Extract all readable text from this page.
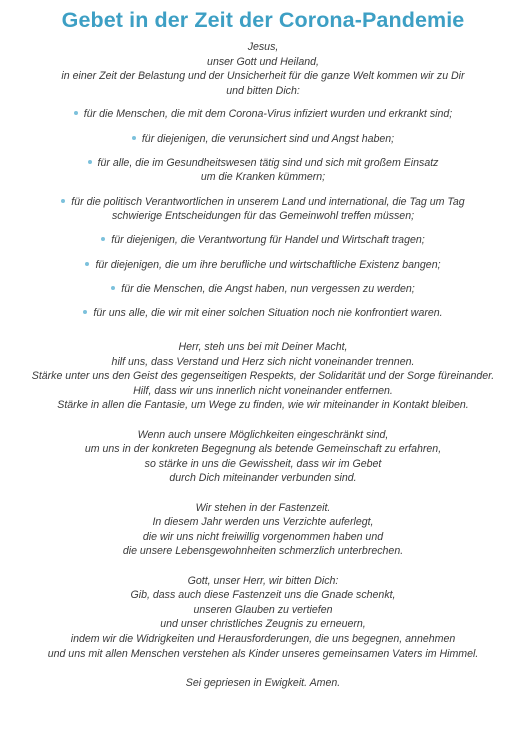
Gebet in der Zeit der Corona-Pandemie
Jesus,
unser Gott und Heiland,
in einer Zeit der Belastung und der Unsicherheit für die ganze Welt kommen wir zu Dir
und bitten Dich:
für die Menschen, die mit dem Corona-Virus infiziert wurden und erkrankt sind;
für diejenigen, die verunsichert sind und Angst haben;
für alle, die im Gesundheitswesen tätig sind und sich mit großem Einsatz
um die Kranken kümmern;
für die politisch Verantwortlichen in unserem Land und international, die Tag um Tag
schwierige Entscheidungen für das Gemeinwohl treffen müssen;
für diejenigen, die Verantwortung für Handel und Wirtschaft tragen;
für diejenigen, die um ihre berufliche und wirtschaftliche Existenz bangen;
für die Menschen, die Angst haben, nun vergessen zu werden;
für uns alle, die wir mit einer solchen Situation noch nie konfrontiert waren.
Herr, steh uns bei mit Deiner Macht,
hilf uns, dass Verstand und Herz sich nicht voneinander trennen.
Stärke unter uns den Geist des gegenseitigen Respekts, der Solidarität und der Sorge füreinander.
Hilf, dass wir uns innerlich nicht voneinander entfernen.
Stärke in allen die Fantasie, um Wege zu finden, wie wir miteinander in Kontakt bleiben.
Wenn auch unsere Möglichkeiten eingeschränkt sind,
um uns in der konkreten Begegnung als betende Gemeinschaft zu erfahren,
so stärke in uns die Gewissheit, dass wir im Gebet
durch Dich miteinander verbunden sind.
Wir stehen in der Fastenzeit.
In diesem Jahr werden uns Verzichte auferlegt,
die wir uns nicht freiwillig vorgenommen haben und
die unsere Lebensgewohnheiten schmerzlich unterbrechen.
Gott, unser Herr, wir bitten Dich:
Gib, dass auch diese Fastenzeit uns die Gnade schenkt,
unseren Glauben zu vertiefen
und unser christliches Zeugnis zu erneuern,
indem wir die Widrigkeiten und Herausforderungen, die uns begegnen, annehmen
und uns mit allen Menschen verstehen als Kinder unseres gemeinsamen Vaters im Himmel.
Sei gepriesen in Ewigkeit. Amen.
